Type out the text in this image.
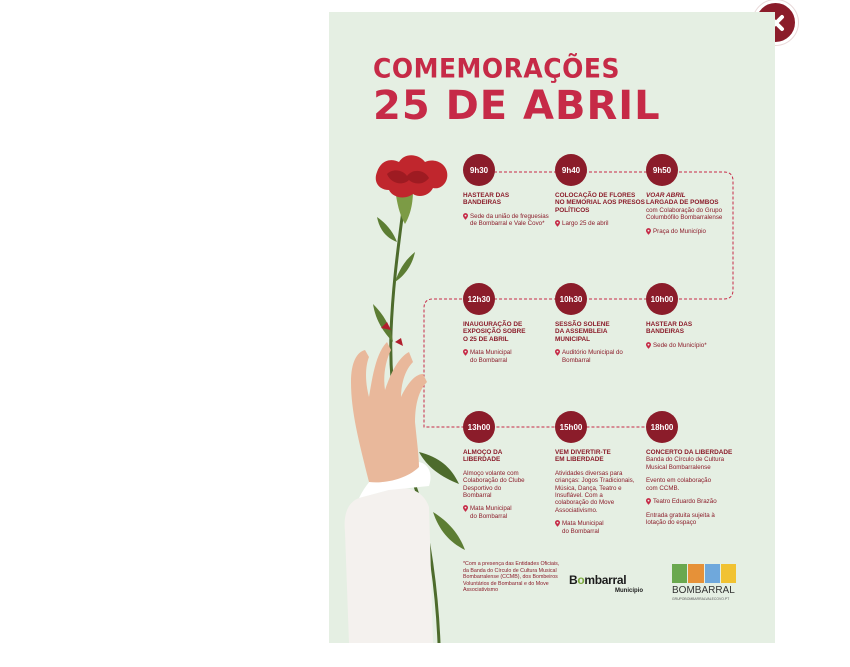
COMEMORAÇÕES
25 DE ABRIL
9h30
HASTEAR DAS BANDEIRAS
Sede da união de freguesias de Bombarral e Vale Covo*
9h40
COLOCAÇÃO DE FLORES NO MEMORIAL AOS PRESOS POLÍTICOS
Largo 25 de abril
9h50
VOAR ABRIL
LARGADA DE POMBOS
com Colaboração do Grupo Columbófilo Bombarralense
Praça do Município
12h30
INAUGURAÇÃO DE EXPOSIÇÃO SOBRE O 25 DE ABRIL
Mata Municipal do Bombarral
10h30
SESSÃO SOLENE DA ASSEMBLEIA MUNICIPAL
Auditório Municipal do Bombarral
10h00
HASTEAR DAS BANDEIRAS
Sede do Município*
13h00
ALMOÇO DA LIBERDADE
Almoço volante com Colaboração do Clube Desportivo do Bombarral
Mata Municipal do Bombarral
15h00
VEM DIVERTIR-TE EM LIBERDADE
Atividades diversas para crianças: Jogos Tradicionais, Música, Dança, Teatro e Insuflável. Com a colaboração do Move Associativismo.
Mata Municipal do Bombarral
18h00
CONCERTO DA LIBERDADE
Banda do Círculo de Cultura Musical Bombarralense
Evento em colaboração com CCMB.
Teatro Eduardo Brazão
Entrada gratuita sujeita à lotação do espaço
*Com a presença das Entidades Oficiais, da Banda do Círculo de Cultura Musical Bombarralense (CCMB), dos Bombeiros Voluntários de Bombarral e do Move Associativismo
Bombarral
Município	BOMBARRAL
GRUPOBOMBARRALVALECOVO.PT
